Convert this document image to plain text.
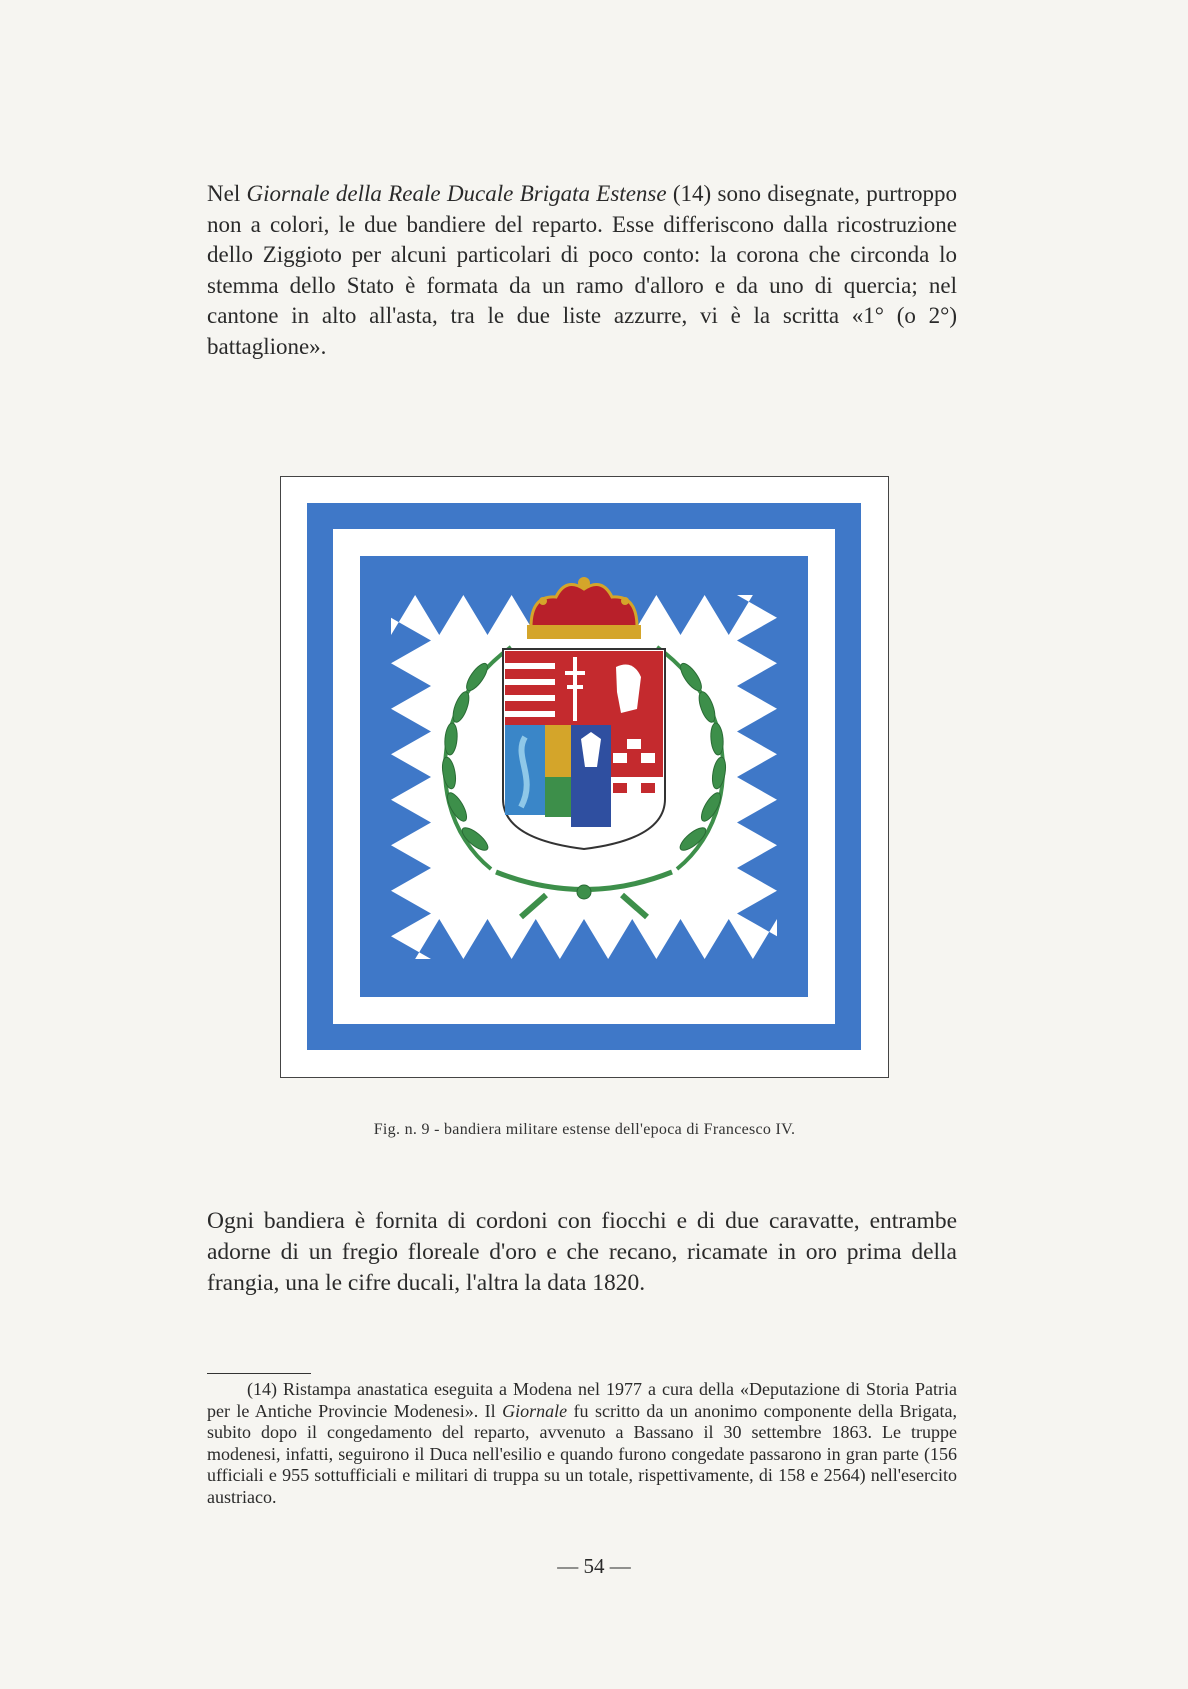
Nel Giornale della Reale Ducale Brigata Estense (14) sono disegnate, purtroppo non a colori, le due bandiere del reparto. Esse differiscono dalla ricostruzione dello Ziggioto per alcuni particolari di poco conto: la corona che circonda lo stemma dello Stato è formata da un ramo d'alloro e da uno di quercia; nel cantone in alto all'asta, tra le due liste azzurre, vi è la scritta «1° (o 2°) battaglione».

Fig. n. 9 - bandiera militare estense dell'epoca di Francesco IV.

Ogni bandiera è fornita di cordoni con fiocchi e di due caravatte, entrambe adorne di un fregio floreale d'oro e che recano, ricamate in oro prima della frangia, una le cifre ducali, l'altra la data 1820.

(14) Ristampa anastatica eseguita a Modena nel 1977 a cura della «Deputazione di Storia Patria per le Antiche Provincie Modenesi». Il Giornale fu scritto da un anonimo componente della Brigata, subito dopo il congedamento del reparto, avvenuto a Bassano il 30 settembre 1863. Le truppe modenesi, infatti, seguirono il Duca nell'esilio e quando furono congedate passarono in gran parte (156 ufficiali e 955 sottufficiali e militari di truppa su un totale, rispettivamente, di 158 e 2564) nell'esercito austriaco.

— 54 —
